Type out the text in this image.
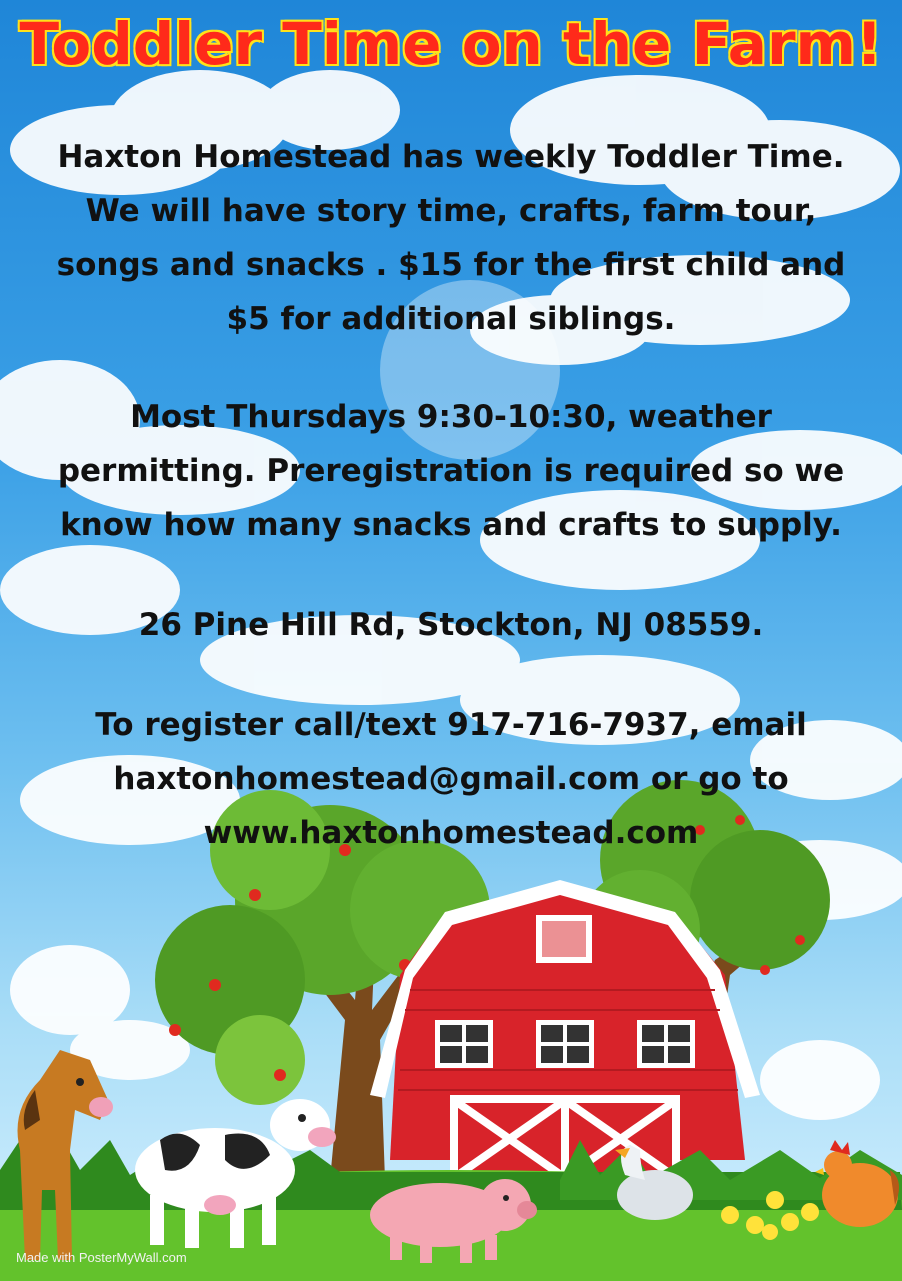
Toddler Time on the Farm!
Haxton Homestead has weekly Toddler Time.
We will have story time, crafts, farm tour,
songs and snacks . $15 for the first child and
$5 for additional siblings.
Most Thursdays 9:30-10:30, weather
permitting. Preregistration is required so we
know how many snacks and crafts to supply.
26 Pine Hill Rd, Stockton, NJ 08559.
To register call/text 917-716-7937, email
haxtonhomestead@gmail.com or go to
www.haxtonhomestead.com
Made with PosterMyWall.com
